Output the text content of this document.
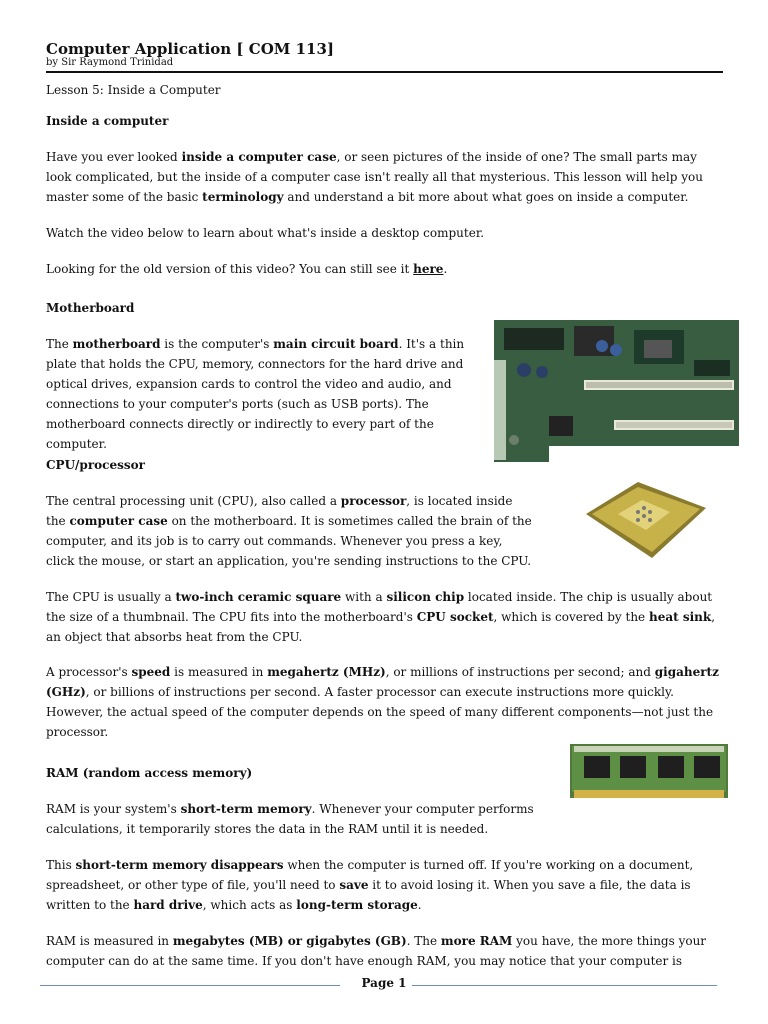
Computer Application [ COM 113]
by Sir Raymond Trinidad
Lesson 5: Inside a Computer
Inside a computer
Have you ever looked inside a computer case, or seen pictures of the inside of one? The small parts may look complicated, but the inside of a computer case isn't really all that mysterious. This lesson will help you master some of the basic terminology and understand a bit more about what goes on inside a computer.
Watch the video below to learn about what's inside a desktop computer.
Looking for the old version of this video? You can still see it here.
Motherboard
The motherboard is the computer's main circuit board. It's a thin plate that holds the CPU, memory, connectors for the hard drive and optical drives, expansion cards to control the video and audio, and connections to your computer's ports (such as USB ports). The motherboard connects directly or indirectly to every part of the computer.
CPU/processor
The central processing unit (CPU), also called a processor, is located inside the computer case on the motherboard. It is sometimes called the brain of the computer, and its job is to carry out commands. Whenever you press a key, click the mouse, or start an application, you're sending instructions to the CPU.
The CPU is usually a two-inch ceramic square with a silicon chip located inside. The chip is usually about the size of a thumbnail. The CPU fits into the motherboard's CPU socket, which is covered by the heat sink, an object that absorbs heat from the CPU.
A processor's speed is measured in megahertz (MHz), or millions of instructions per second; and gigahertz (GHz), or billions of instructions per second. A faster processor can execute instructions more quickly. However, the actual speed of the computer depends on the speed of many different components—not just the processor.
RAM (random access memory)
RAM is your system's short-term memory. Whenever your computer performs calculations, it temporarily stores the data in the RAM until it is needed.
This short-term memory disappears when the computer is turned off. If you're working on a document, spreadsheet, or other type of file, you'll need to save it to avoid losing it. When you save a file, the data is written to the hard drive, which acts as long-term storage.
RAM is measured in megabytes (MB) or gigabytes (GB). The more RAM you have, the more things your computer can do at the same time. If you don't have enough RAM, you may notice that your computer is
Page 1
